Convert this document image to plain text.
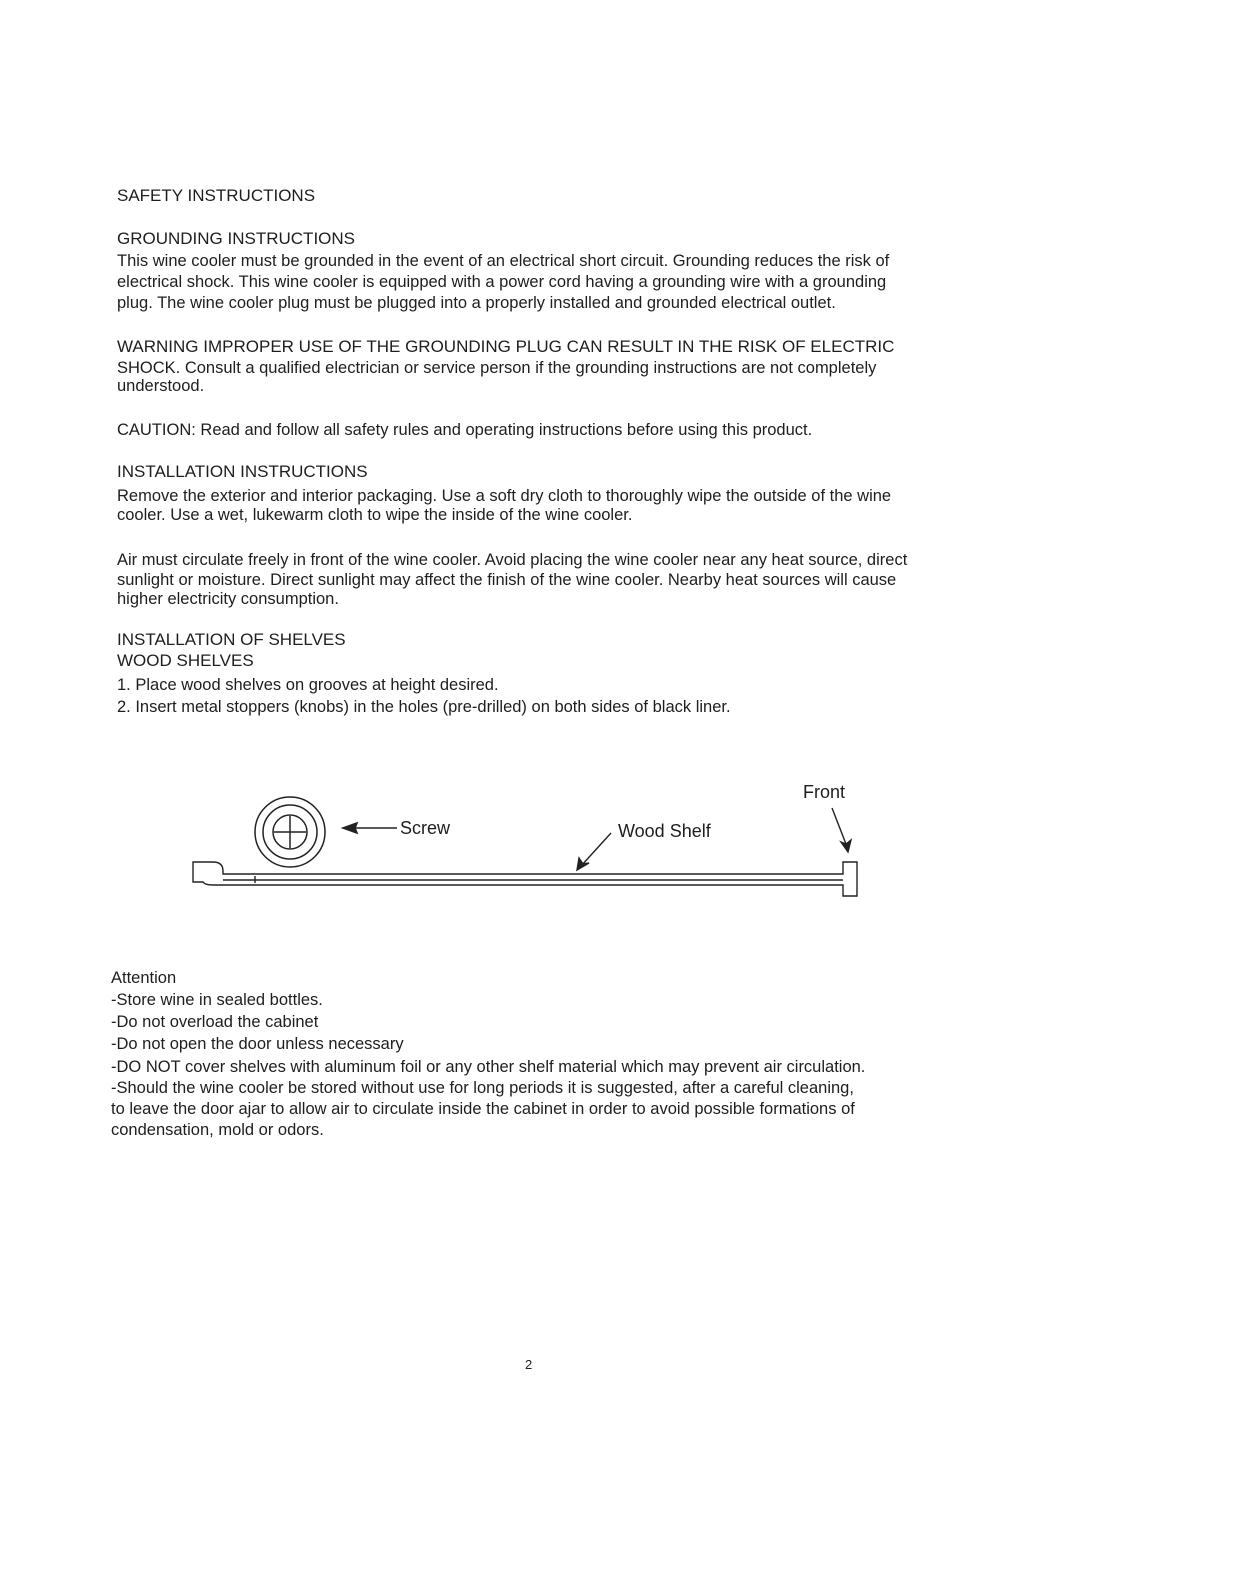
SAFETY INSTRUCTIONS
GROUNDING INSTRUCTIONS
This wine cooler must be grounded in the event of an electrical short circuit. Grounding reduces the risk of
electrical shock. This wine cooler is equipped with a power cord having a grounding wire with a grounding
plug. The wine cooler plug must be plugged into a properly installed and grounded electrical outlet.
WARNING IMPROPER USE OF THE GROUNDING PLUG CAN RESULT IN THE RISK OF ELECTRIC
SHOCK. Consult a qualified electrician or service person if the grounding instructions are not completely
understood.
CAUTION: Read and follow all safety rules and operating instructions before using this product.
INSTALLATION INSTRUCTIONS
Remove the exterior and interior packaging. Use a soft dry cloth to thoroughly wipe the outside of the wine
cooler. Use a wet, lukewarm cloth to wipe the inside of the wine cooler.
Air must circulate freely in front of the wine cooler. Avoid placing the wine cooler near any heat source, direct
sunlight or moisture. Direct sunlight may affect the finish of the wine cooler. Nearby heat sources will cause
higher electricity consumption.
INSTALLATION OF SHELVES
WOOD SHELVES
1. Place wood shelves on grooves at height desired.
2. Insert metal stoppers (knobs) in the holes (pre-drilled) on both sides of black liner.
Screw	Wood Shelf
Front
Attention
-Store wine in sealed bottles.
-Do not overload the cabinet
-Do not open the door unless necessary
-DO NOT cover shelves with aluminum foil or any other shelf material which may prevent air circulation.
-Should the wine cooler be stored without use for long periods it is suggested, after a careful cleaning,
to leave the door ajar to allow air to circulate inside the cabinet in order to avoid possible formations of
condensation, mold or odors.
2
